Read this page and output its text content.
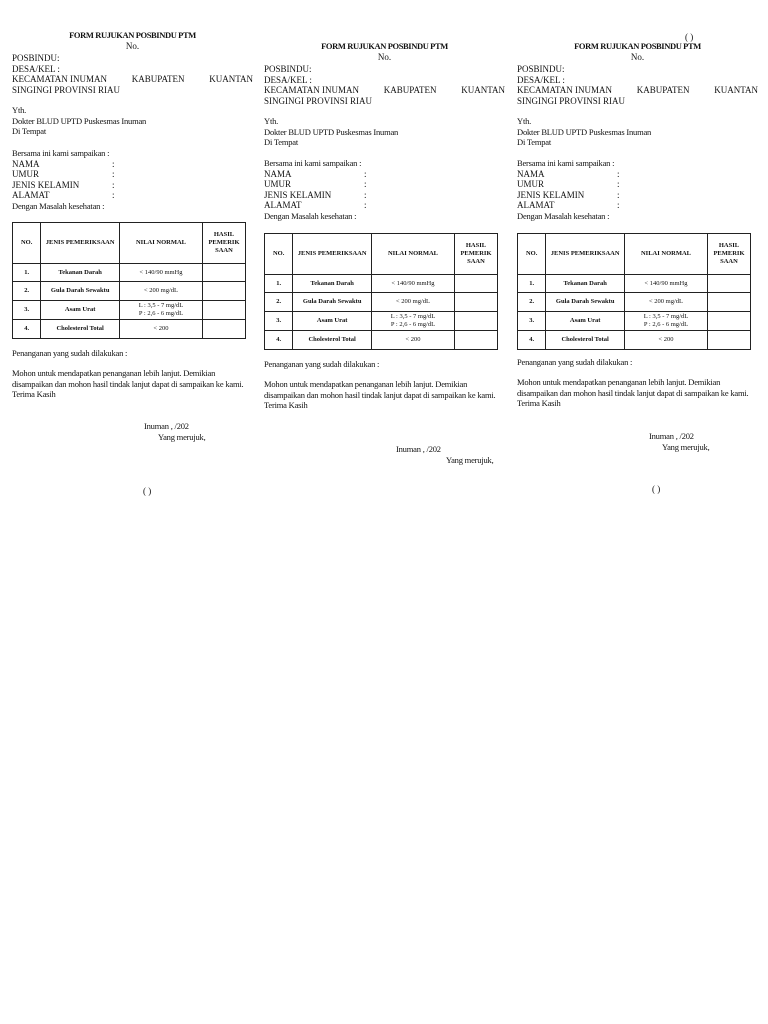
( )
FORM RUJUKAN POSBINDU PTM
No.
POSBINDU:
DESA/KEL :
KECAMATAN INUMAN	KABUPATEN	KUANTAN
SINGINGI PROVINSI RIAU
Yth.
Dokter BLUD UPTD Puskesmas Inuman
Di Tempat
Bersama ini kami sampaikan :
NAMA	:
UMUR	:
JENIS KELAMIN	:
ALAMAT	:
Dengan Masalah kesehatan :
NO.	JENIS PEMERIKSAAN	NILAI NORMAL	HASIL PEMERIK SAAN
1.	Tekanan Darah	< 140/90 mmHg	
2.	Gula Darah Sewaktu	< 200 mg/dL	
3.	Asam Urat	L : 3,5 - 7 mg/dL
P : 2,6 - 6 mg/dL	
4.	Cholesterol Total	< 200	
Penanganan yang sudah dilakukan :
Mohon untuk mendapatkan penanganan lebih lanjut. Demikian disampaikan dan mohon hasil tindak lanjut dapat di sampaikan ke kami. Terima Kasih
Inuman , /202
Yang merujuk,
( )
FORM RUJUKAN POSBINDU PTM
No.
POSBINDU:
DESA/KEL :
KECAMATAN INUMAN	KABUPATEN	KUANTAN
SINGINGI PROVINSI RIAU
Yth.
Dokter BLUD UPTD Puskesmas Inuman
Di Tempat
Bersama ini kami sampaikan :
NAMA	:
UMUR	:
JENIS KELAMIN	:
ALAMAT	:
Dengan Masalah kesehatan :
NO.	JENIS PEMERIKSAAN	NILAI NORMAL	HASIL PEMERIK SAAN
1.	Tekanan Darah	< 140/90 mmHg	
2.	Gula Darah Sewaktu	< 200 mg/dL	
3.	Asam Urat	L : 3,5 - 7 mg/dL
P : 2,6 - 6 mg/dL	
4.	Cholesterol Total	< 200	
Penanganan yang sudah dilakukan :
Mohon untuk mendapatkan penanganan lebih lanjut. Demikian disampaikan dan mohon hasil tindak lanjut dapat di sampaikan ke kami. Terima Kasih
Inuman , /202
Yang merujuk,
FORM RUJUKAN POSBINDU PTM
No.
POSBINDU:
DESA/KEL :
KECAMATAN INUMAN	KABUPATEN	KUANTAN
SINGINGI PROVINSI RIAU
Yth.
Dokter BLUD UPTD Puskesmas Inuman
Di Tempat
Bersama ini kami sampaikan :
NAMA	:
UMUR	:
JENIS KELAMIN	:
ALAMAT	:
Dengan Masalah kesehatan :
NO.	JENIS PEMERIKSAAN	NILAI NORMAL	HASIL PEMERIK SAAN
1.	Tekanan Darah	< 140/90 mmHg	
2.	Gula Darah Sewaktu	< 200 mg/dL	
3.	Asam Urat	L : 3,5 - 7 mg/dL
P : 2,6 - 6 mg/dL	
4.	Cholesterol Total	< 200	
Penanganan yang sudah dilakukan :
Mohon untuk mendapatkan penanganan lebih lanjut. Demikian disampaikan dan mohon hasil tindak lanjut dapat di sampaikan ke kami. Terima Kasih
Inuman , /202
Yang merujuk,
( )
